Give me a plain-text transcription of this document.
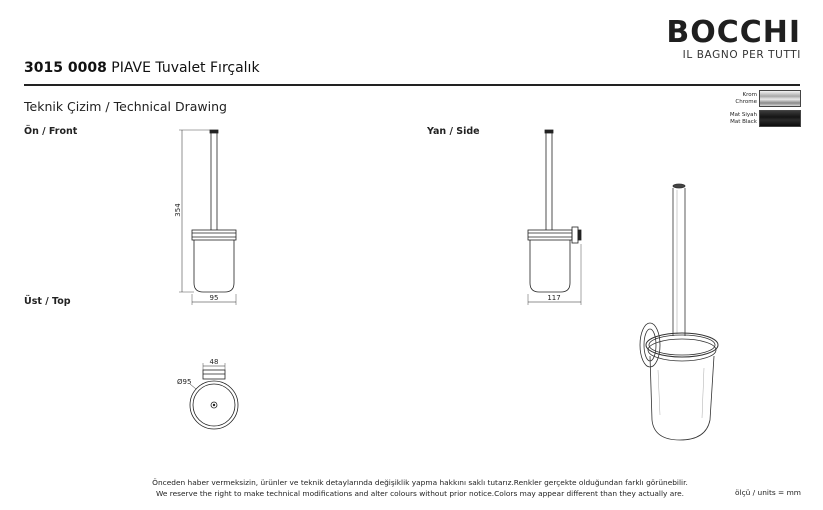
BOCCHI
IL BAGNO PER TUTTI
3015 0008 PIAVE Tuvalet Fırçalık
Teknik Çizim / Technical Drawing
Ön / Front	Yan / Side
Üst / Top
Krom
Chrome
Mat Siyah
Mat Black
354
95	117
48
Ø95
Önceden haber vermeksizin, ürünler ve teknik detaylarında değişiklik yapma hakkını saklı tutarız.Renkler gerçekte olduğundan farklı görünebilir.
We reserve the right to make technical modifications and alter colours without prior notice.Colors may appear different than they actually are.	ölçü / units = mm
